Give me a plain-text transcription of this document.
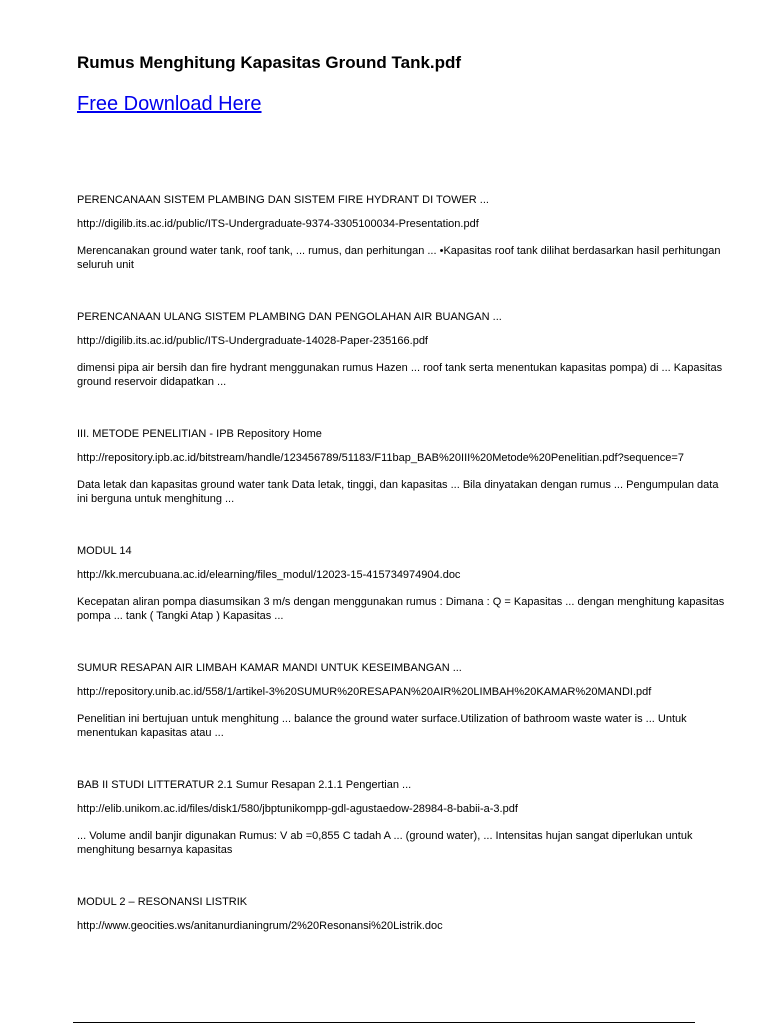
Rumus Menghitung Kapasitas Ground Tank.pdf
Free Download Here
PERENCANAAN SISTEM PLAMBING DAN SISTEM FIRE HYDRANT DI TOWER ...
http://digilib.its.ac.id/public/ITS-Undergraduate-9374-3305100034-Presentation.pdf
Merencanakan ground water tank, roof tank, ... rumus, dan perhitungan ... •Kapasitas roof tank dilihat berdasarkan hasil perhitungan seluruh unit
PERENCANAAN ULANG SISTEM PLAMBING DAN PENGOLAHAN AIR BUANGAN ...
http://digilib.its.ac.id/public/ITS-Undergraduate-14028-Paper-235166.pdf
dimensi pipa air bersih dan fire hydrant menggunakan rumus Hazen ... roof tank serta menentukan kapasitas pompa) di ... Kapasitas ground reservoir didapatkan ...
III. METODE PENELITIAN - IPB Repository Home
http://repository.ipb.ac.id/bitstream/handle/123456789/51183/F11bap_BAB%20III%20Metode%20Penelitian.pdf?sequence=7
Data letak dan kapasitas ground water tank Data letak, tinggi, dan kapasitas ... Bila dinyatakan dengan rumus ... Pengumpulan data ini berguna untuk menghitung ...
MODUL 14
http://kk.mercubuana.ac.id/elearning/files_modul/12023-15-415734974904.doc
Kecepatan aliran pompa diasumsikan 3 m/s dengan menggunakan rumus : Dimana : Q = Kapasitas ... dengan menghitung kapasitas pompa ... tank ( Tangki Atap ) Kapasitas ...
SUMUR RESAPAN AIR LIMBAH KAMAR MANDI UNTUK KESEIMBANGAN ...
http://repository.unib.ac.id/558/1/artikel-3%20SUMUR%20RESAPAN%20AIR%20LIMBAH%20KAMAR%20MANDI.pdf
Penelitian ini bertujuan untuk menghitung ... balance the ground water surface.Utilization of bathroom waste water is ... Untuk menentukan kapasitas atau ...
BAB II STUDI LITTERATUR 2.1 Sumur Resapan 2.1.1 Pengertian ...
http://elib.unikom.ac.id/files/disk1/580/jbptunikompp-gdl-agustaedow-28984-8-babii-a-3.pdf
... Volume andil banjir digunakan Rumus: V ab =0,855 C tadah A ... (ground water), ... Intensitas hujan sangat diperlukan untuk menghitung besarnya kapasitas
MODUL 2 – RESONANSI LISTRIK
http://www.geocities.ws/anitanurdianingrum/2%20Resonansi%20Listrik.doc
